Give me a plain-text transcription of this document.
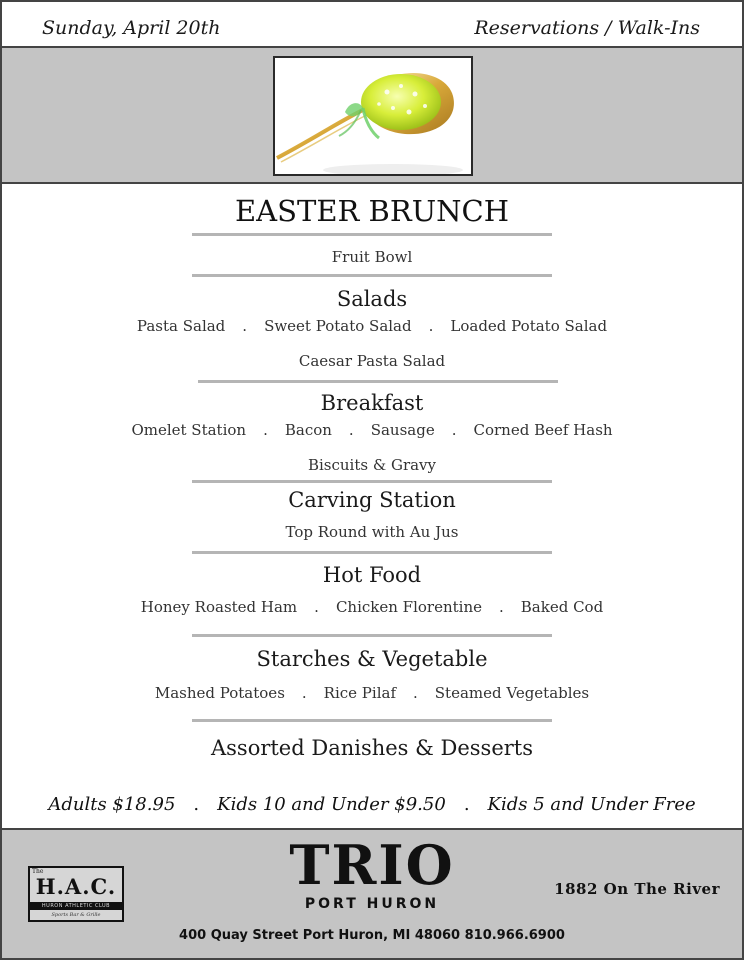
Sunday, April 20th	Reservations / Walk-Ins
EASTER BRUNCH
Fruit Bowl
Salads
Pasta Salad . Sweet Potato Salad . Loaded Potato Salad
Caesar Pasta Salad
Breakfast
Omelet Station . Bacon . Sausage . Corned Beef Hash
Biscuits & Gravy
Carving Station
Top Round with Au Jus
Hot Food
Honey Roasted Ham . Chicken Florentine . Baked Cod
Starches & Vegetable
Mashed Potatoes . Rice Pilaf . Steamed Vegetables
Assorted Danishes & Desserts
Adults $18.95 . Kids 10 and Under $9.50 . Kids 5 and Under Free
The
H.A.C.
HURON ATHLETIC CLUB
Sports Bar & Grille
TRIO
PORT HURON
1882 On The River
400 Quay Street Port Huron, MI 48060 810.966.6900
